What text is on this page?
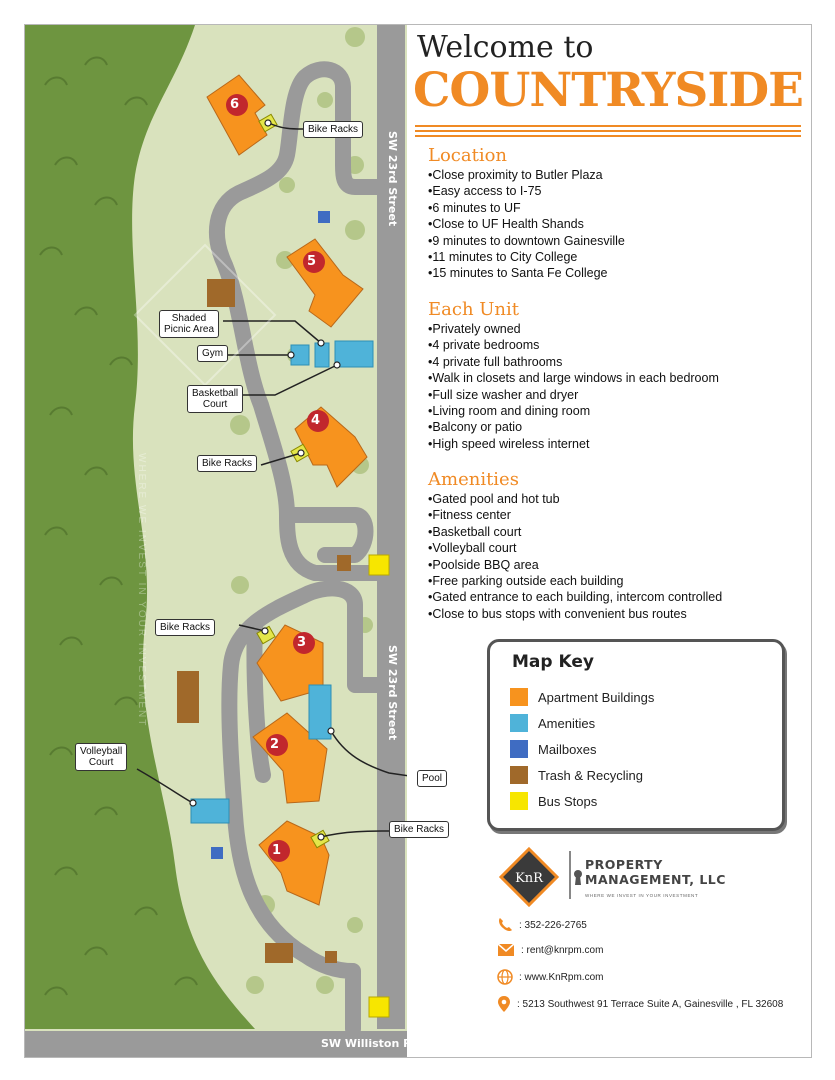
6
5
4
3
2
1
WHERE WE INVEST IN YOUR INVESTMENT
SW 23rd Street
SW 23rd Street
SW Williston Road
Bike Racks
Shaded
Picnic Area
Gym
Basketball
Court
Bike Racks
Bike Racks
Volleyball
Court
Pool
Bike Racks
Welcome to
COUNTRYSIDE
Location
• Close proximity to Butler Plaza
• Easy access to I-75
• 6 minutes to UF
• Close to UF Health Shands
• 9 minutes to downtown Gainesville
• 11 minutes to City College
• 15 minutes to Santa Fe College
Each Unit
• Privately owned
• 4 private bedrooms
• 4 private full bathrooms
• Walk in closets and large windows in each bedroom
• Full size washer and dryer
• Living room and dining room
• Balcony or patio
• High speed wireless internet
Amenities
• Gated pool and hot tub
• Fitness center
• Basketball court
• Volleyball court
• Poolside BBQ area
• Free parking outside each building
• Gated entrance to each building, intercom controlled
• Close to bus stops with convenient bus routes
Map Key
Apartment Buildings
Amenities
Mailboxes
Trash & Recycling
Bus Stops
KnR
PROPERTY
MANAGEMENT, LLC
WHERE WE INVEST IN YOUR INVESTMENT
: 352-226-2765
: rent@knrpm.com
: www.KnRpm.com
: 5213 Southwest 91 Terrace Suite A, Gainesville , FL 32608
